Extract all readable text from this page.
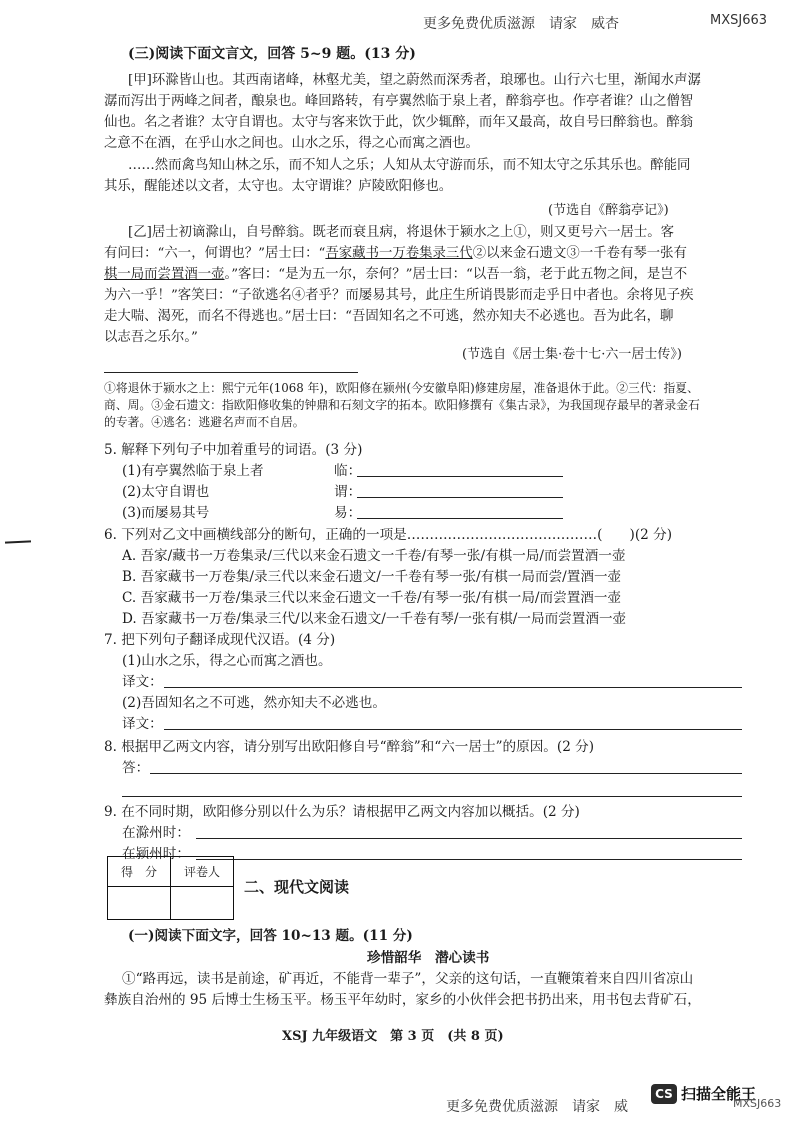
更多免费优质滋源　 请家　 威杏	MXSJ663
(三)阅读下面文言文，回答 5~9 题。(13 分)
[甲]环滁皆山也。其西南诸峰，林壑尤美，望之蔚然而深秀者，琅琊也。山行六七里，渐闻水声潺
潺而泻出于两峰之间者，酿泉也。峰回路转，有亭翼然临于泉上者，醉翁亭也。作亭者谁？山之僧智
仙也。名之者谁？太守自谓也。太守与客来饮于此，饮少辄醉，而年又最高，故自号曰醉翁也。醉翁
之意不在酒，在乎山水之间也。山水之乐，得之心而寓之酒也。
……然而禽鸟知山林之乐，而不知人之乐；人知从太守游而乐，而不知太守之乐其乐也。醉能同
其乐，醒能述以文者，太守也。太守谓谁？庐陵欧阳修也。
(节选自《醉翁亭记》)
[乙]居士初谪滁山，自号醉翁。既老而衰且病，将退休于颍水之上①，则又更号六一居士。客
有问曰：“六一，何谓也？”居士曰：“吾家藏书一万卷集录三代②以来金石遗文③一千卷有琴一张有
棋一局而尝置酒一壶。”客曰：“是为五一尔，奈何？”居士曰：“以吾一翁，老于此五物之间，是岂不
为六一乎！”客笑曰：“子欲逃名④者乎？而屡易其号，此庄生所诮畏影而走乎日中者也。余将见子疾
走大喘、渴死，而名不得逃也。”居士曰：“吾固知名之不可逃，然亦知夫不必逃也。吾为此名，聊
以志吾之乐尔。”
(节选自《居士集·卷十七·六一居士传》)
①将退休于颍水之上：熙宁元年(1068 年)，欧阳修在颍州(今安徽阜阳)修建房屋，准备退休于此。②三代：指夏、
商、周。③金石遗文：指欧阳修收集的钟鼎和石刻文字的拓本。欧阳修撰有《集古录》，为我国现存最早的著录金石
的专著。④逃名：逃避名声而不自居。
5. 解释下列句子中加着重号的词语。(3 分)
(1)有亭翼然临于泉上者	临：
(2)太守自谓也	谓：
(3)而屡易其号	易：
6. 下列对乙文中画横线部分的断句，正确的一项是……………………………………(　　)(2 分)
A. 吾家/藏书一万卷集录/三代以来金石遗文一千卷/有琴一张/有棋一局/而尝置酒一壶
B. 吾家藏书一万卷集/录三代以来金石遗文/一千卷有琴一张/有棋一局而尝/置酒一壶
C. 吾家藏书一万卷/集录三代以来金石遗文一千卷/有琴一张/有棋一局/而尝置酒一壶
D. 吾家藏书一万卷/集录三代/以来金石遗文/一千卷有琴/一张有棋/一局而尝置酒一壶
7. 把下列句子翻译成现代汉语。(4 分)
(1)山水之乐，得之心而寓之酒也。
译文：
(2)吾固知名之不可逃，然亦知夫不必逃也。
译文：
8. 根据甲乙两文内容，请分别写出欧阳修自号“醉翁”和“六一居士”的原因。(2 分)
答：
9. 在不同时期，欧阳修分别以什么为乐？请根据甲乙两文内容加以概括。(2 分)
在滁州时：
在颍州时：
得　分	评卷人

二、现代文阅读
(一)阅读下面文字，回答 10~13 题。(11 分)
珍惜韶华　潜心读书
①“路再远，读书是前途，矿再近，不能背一辈子”，父亲的这句话，一直鞭策着来自四川省凉山
彝族自治州的 95 后博士生杨玉平。杨玉平年幼时，家乡的小伙伴会把书扔出来，用书包去背矿石，
XSJ 九年级语文　第 3 页　(共 8 页)
更多免费优质滋源　请家　威
CS 扫描全能王
MXSJ663
